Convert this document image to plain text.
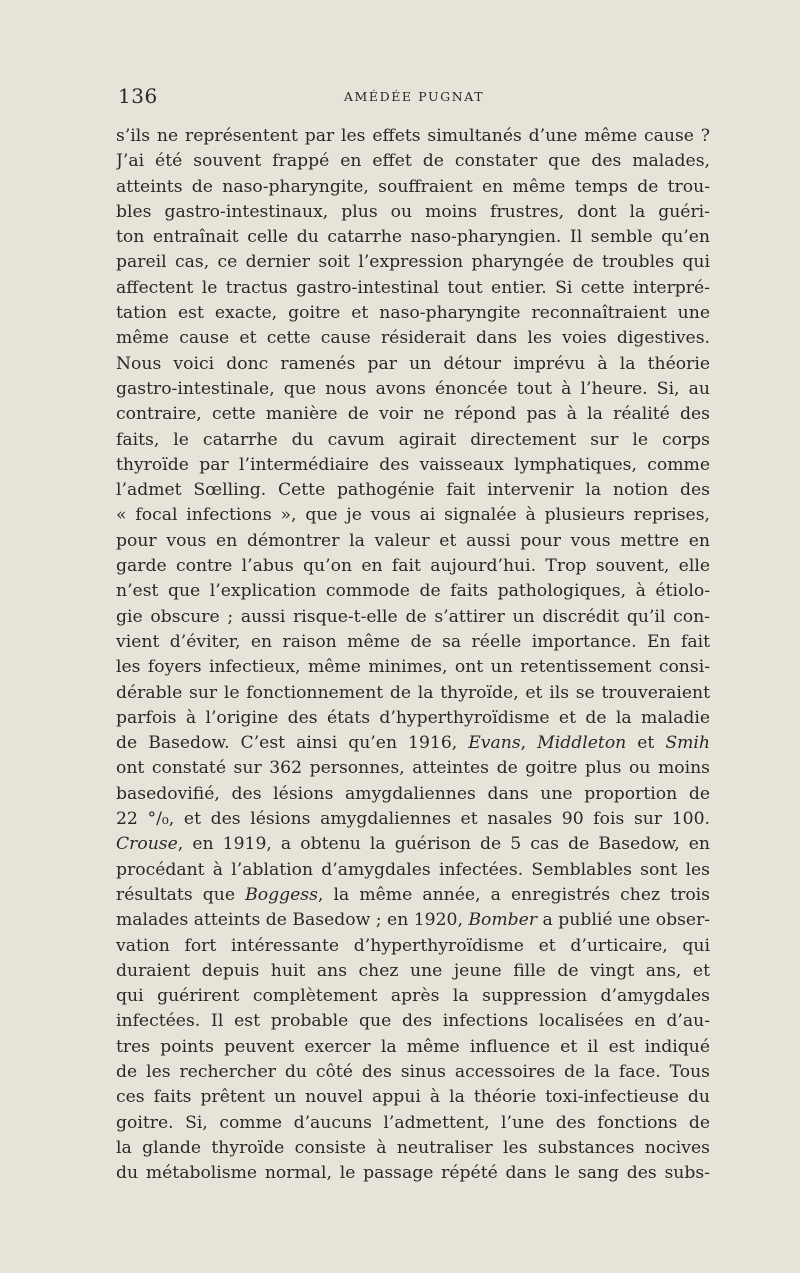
136	AMÉDÉE PUGNAT
s’ils ne représentent par les effets simultanés d’une même cause ?
J’ai été souvent frappé en effet de constater que des malades,
atteints de naso-pharyngite, souffraient en même temps de trou-
bles gastro-intestinaux, plus ou moins frustres, dont la guéri-
ton entraînait celle du catarrhe naso-pharyngien. Il semble qu’en
pareil cas, ce dernier soit l’expression pharyngée de troubles qui
affectent le tractus gastro-intestinal tout entier. Si cette interpré-
tation est exacte, goitre et naso-pharyngite reconnaîtraient une
même cause et cette cause résiderait dans les voies digestives.
Nous voici donc ramenés par un détour imprévu à la théorie
gastro-intestinale, que nous avons énoncée tout à l’heure. Si, au
contraire, cette manière de voir ne répond pas à la réalité des
faits, le catarrhe du cavum agirait directement sur le corps
thyroïde par l’intermédiaire des vaisseaux lymphatiques, comme
l’admet Sœlling. Cette pathogénie fait intervenir la notion des
« focal infections », que je vous ai signalée à plusieurs reprises,
pour vous en démontrer la valeur et aussi pour vous mettre en
garde contre l’abus qu’on en fait aujourd’hui. Trop souvent, elle
n’est que l’explication commode de faits pathologiques, à étiolo-
gie obscure ; aussi risque-t-elle de s’attirer un discrédit qu’il con-
vient d’éviter, en raison même de sa réelle importance. En fait
les foyers infectieux, même minimes, ont un retentissement consi-
dérable sur le fonctionnement de la thyroïde, et ils se trouveraient
parfois à l’origine des états d’hyperthyroïdisme et de la maladie
de Basedow. C’est ainsi qu’en 1916, Evans, Middleton et Smih
ont constaté sur 362 personnes, atteintes de goitre plus ou moins
basedovifié, des lésions amygdaliennes dans une proportion de
22 °/₀, et des lésions amygdaliennes et nasales 90 fois sur 100.
Crouse, en 1919, a obtenu la guérison de 5 cas de Basedow, en
procédant à l’ablation d’amygdales infectées. Semblables sont les
résultats que Boggess, la même année, a enregistrés chez trois
malades atteints de Basedow ; en 1920, Bomber a publié une obser-
vation fort intéressante d’hyperthyroïdisme et d’urticaire, qui
duraient depuis huit ans chez une jeune fille de vingt ans, et
qui guérirent complètement après la suppression d’amygdales
infectées. Il est probable que des infections localisées en d’au-
tres points peuvent exercer la même influence et il est indiqué
de les rechercher du côté des sinus accessoires de la face. Tous
ces faits prêtent un nouvel appui à la théorie toxi-infectieuse du
goitre. Si, comme d’aucuns l’admettent, l’une des fonctions de
la glande thyroïde consiste à neutraliser les substances nocives
du métabolisme normal, le passage répété dans le sang des subs-
